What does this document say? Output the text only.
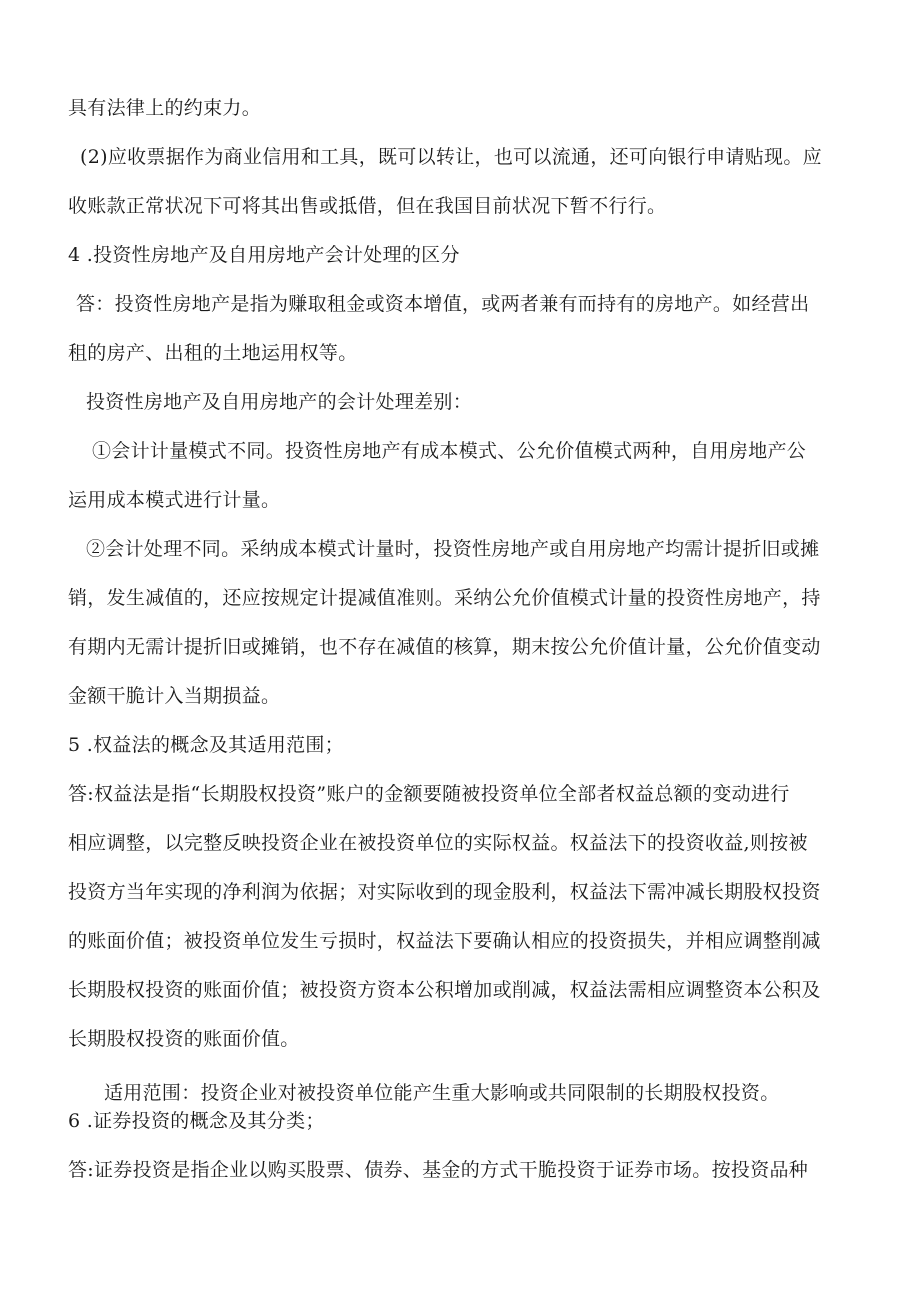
具有法律上的约束力。
(2)应收票据作为商业信用和工具，既可以转让，也可以流通，还可向银行申请贴现。应
收账款正常状况下可将其出售或抵借，但在我国目前状况下暂不行行。
4 .投资性房地产及自用房地产会计处理的区分
答：投资性房地产是指为赚取租金或资本增值，或两者兼有而持有的房地产。如经营出
租的房产、出租的土地运用权等。
投资性房地产及自用房地产的会计处理差别：
①会计计量模式不同。投资性房地产有成本模式、公允价值模式两种，自用房地产公
运用成本模式进行计量。
②会计处理不同。采纳成本模式计量时，投资性房地产或自用房地产均需计提折旧或摊
销，发生减值的，还应按规定计提减值准则。采纳公允价值模式计量的投资性房地产，持
有期内无需计提折旧或摊销，也不存在减值的核算，期末按公允价值计量，公允价值变动
金额干脆计入当期损益。
5 .权益法的概念及其适用范围；
答:权益法是指“长期股权投资”账户的金额要随被投资单位全部者权益总额的变动进行
相应调整，以完整反映投资企业在被投资单位的实际权益。权益法下的投资收益,则按被
投资方当年实现的净利润为依据；对实际收到的现金股利，权益法下需冲减长期股权投资
的账面价值；被投资单位发生亏损时，权益法下要确认相应的投资损失，并相应调整削减
长期股权投资的账面价值；被投资方资本公积增加或削减，权益法需相应调整资本公积及
长期股权投资的账面价值。
适用范围：投资企业对被投资单位能产生重大影响或共同限制的长期股权投资。
6 .证券投资的概念及其分类；
答:证券投资是指企业以购买股票、债券、基金的方式干脆投资于证券市场。按投资品种
